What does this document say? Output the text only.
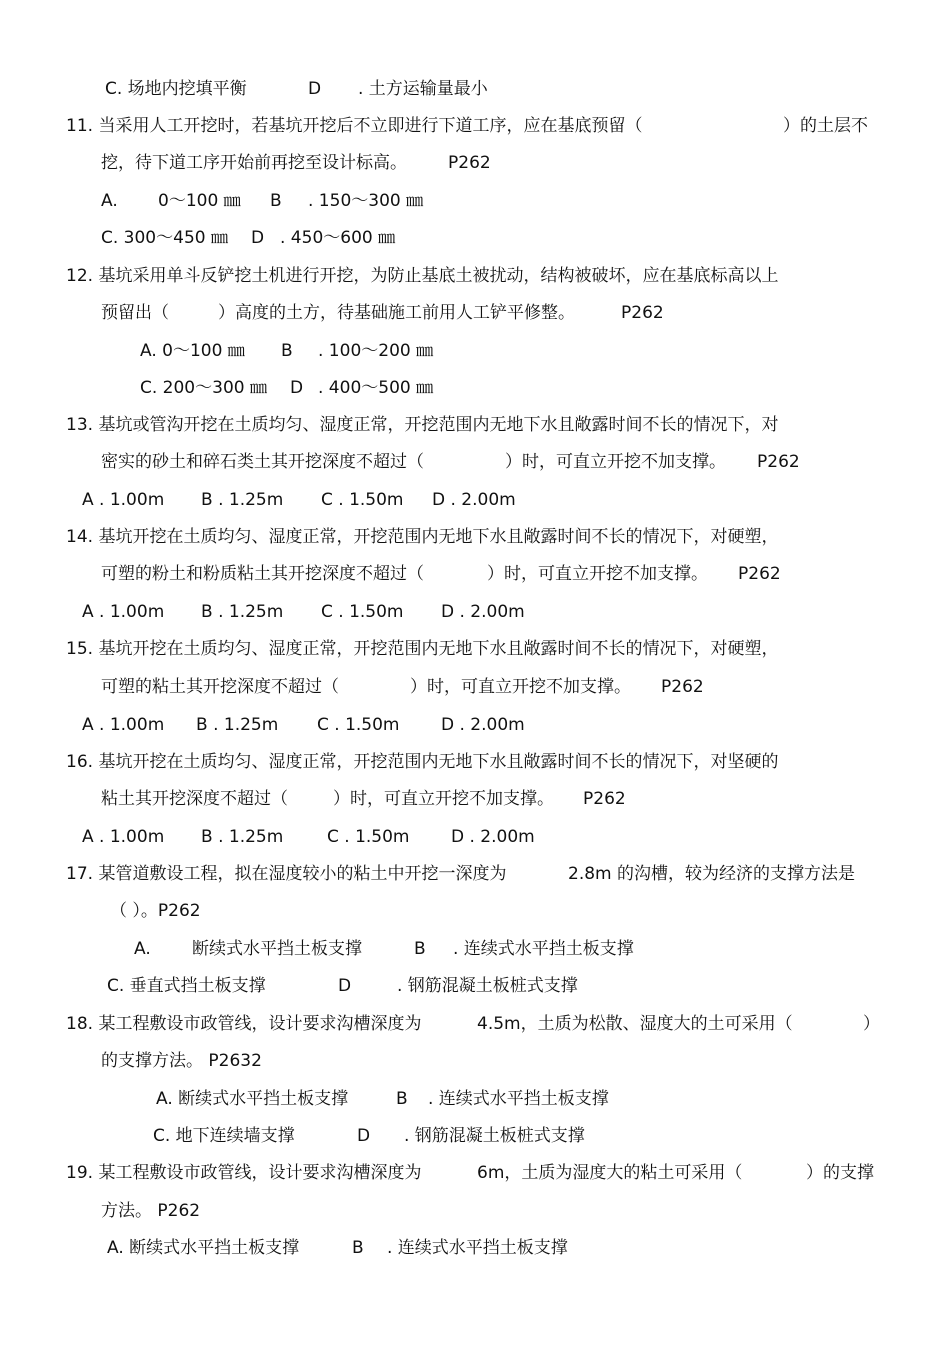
C. 场地内挖填平衡	D . 土方运输量最小
11. 当采用人工开挖时，若基坑开挖后不立即进行下道工序，应在基底预留（	）的土层不
挖，待下道工序开始前再挖至设计标高。 P262
A. 0～100 ㎜ B . 150～300 ㎜
C. 300～450 ㎜ D . 450～600 ㎜
12. 基坑采用单斗反铲挖土机进行开挖，为防止基底土被扰动，结构被破坏，应在基底标高以上
预留出（	）高度的土方，待基础施工前用人工铲平修整。	P262
A. 0～100 ㎜ B . 100～200 ㎜
C. 200～300 ㎜ D . 400～500 ㎜
13. 基坑或管沟开挖在土质均匀、湿度正常，开挖范围内无地下水且敞露时间不长的情况下，对
密实的砂土和碎石类土其开挖深度不超过（	）时，可直立开挖不加支撑。 P262
A . 1.00m B . 1.25m C . 1.50m D . 2.00m
14. 基坑开挖在土质均匀、湿度正常，开挖范围内无地下水且敞露时间不长的情况下，对硬塑，
可塑的粉土和粉质粘土其开挖深度不超过（	）时，可直立开挖不加支撑。 P262
A . 1.00m B . 1.25m C . 1.50m D . 2.00m
15. 基坑开挖在土质均匀、湿度正常，开挖范围内无地下水且敞露时间不长的情况下，对硬塑，
可塑的粘土其开挖深度不超过（	）时，可直立开挖不加支撑。 P262
A . 1.00m B . 1.25m C . 1.50m D . 2.00m
16. 基坑开挖在土质均匀、湿度正常，开挖范围内无地下水且敞露时间不长的情况下，对坚硬的
粘土其开挖深度不超过（	）时，可直立开挖不加支撑。 P262
A . 1.00m B . 1.25m	C . 1.50m D . 2.00m
17. 某管道敷设工程，拟在湿度较小的粘土中开挖一深度为	2.8m 的沟槽，较为经济的支撑方法是
（ ）。P262
A. 断续式水平挡土板支撑	B . 连续式水平挡土板支撑
C. 垂直式挡土板支撑	D	. 钢筋混凝土板桩式支撑
18. 某工程敷设市政管线，设计要求沟槽深度为	4.5m，土质为松散、湿度大的土可采用（	）
的支撑方法。 P2632
A. 断续式水平挡土板支撑	B . 连续式水平挡土板支撑
C. 地下连续墙支撑	D . 钢筋混凝土板桩式支撑
19. 某工程敷设市政管线，设计要求沟槽深度为	6m，土质为湿度大的粘土可采用（	）的支撑
方法。 P262
A. 断续式水平挡土板支撑	B . 连续式水平挡土板支撑
